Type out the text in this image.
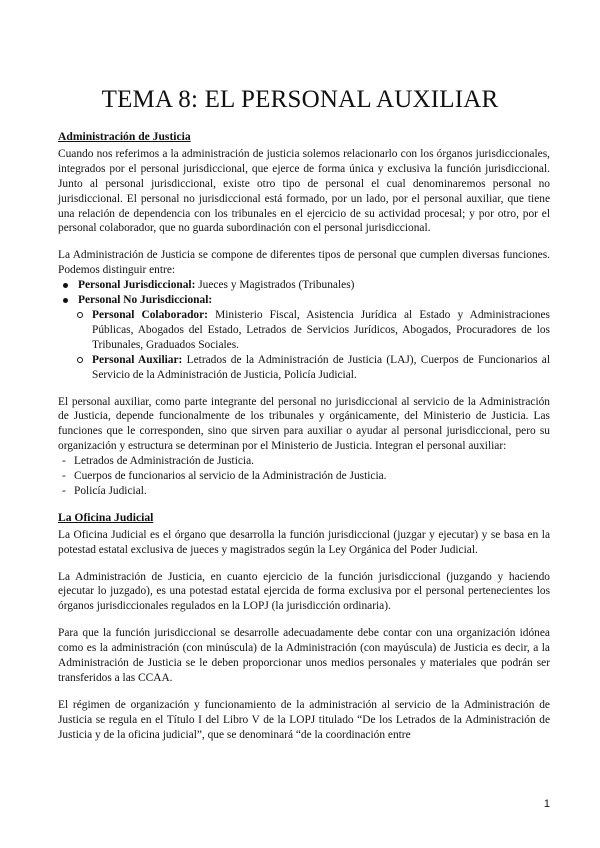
TEMA 8: EL PERSONAL AUXILIAR
Administración de Justicia

Cuando nos referimos a la administración de justicia solemos relacionarlo con los órganos jurisdiccionales, integrados por el personal jurisdiccional, que ejerce de forma única y exclusiva la función jurisdiccional. Junto al personal jurisdiccional, existe otro tipo de personal el cual denominaremos personal no jurisdiccional. El personal no jurisdiccional está formado, por un lado, por el personal auxiliar, que tiene una relación de dependencia con los tribunales en el ejercicio de su actividad procesal; y por otro, por el personal colaborador, que no guarda subordinación con el personal jurisdiccional.

La Administración de Justicia se compone de diferentes tipos de personal que cumplen diversas funciones. Podemos distinguir entre:

Personal Jurisdiccional: Jueces y Magistrados (Tribunales)
Personal No Jurisdiccional:
Personal Colaborador: Ministerio Fiscal, Asistencia Jurídica al Estado y Administraciones Públicas, Abogados del Estado, Letrados de Servicios Jurídicos, Abogados, Procuradores de los Tribunales, Graduados Sociales.
Personal Auxiliar: Letrados de la Administración de Justicia (LAJ), Cuerpos de Funcionarios al Servicio de la Administración de Justicia, Policía Judicial.

El personal auxiliar, como parte integrante del personal no jurisdiccional al servicio de la Administración de Justicia, depende funcionalmente de los tribunales y orgánicamente, del Ministerio de Justicia. Las funciones que le corresponden, sino que sirven para auxiliar o ayudar al personal jurisdiccional, pero su organización y estructura se determinan por el Ministerio de Justicia. Integran el personal auxiliar:

- Letrados de Administración de Justicia.
- Cuerpos de funcionarios al servicio de la Administración de Justicia.
- Policía Judicial.
La Oficina Judicial

La Oficina Judicial es el órgano que desarrolla la función jurisdiccional (juzgar y ejecutar) y se basa en la potestad estatal exclusiva de jueces y magistrados según la Ley Orgánica del Poder Judicial.

La Administración de Justicia, en cuanto ejercicio de la función jurisdiccional (juzgando y haciendo ejecutar lo juzgado), es una potestad estatal ejercida de forma exclusiva por el personal pertenecientes los órganos jurisdiccionales regulados en la LOPJ (la jurisdicción ordinaria).

Para que la función jurisdiccional se desarrolle adecuadamente debe contar con una organización idónea como es la administración (con minúscula) de la Administración (con mayúscula) de Justicia es decir, a la Administración de Justicia se le deben proporcionar unos medios personales y materiales que podrán ser transferidos a las CCAA.

El régimen de organización y funcionamiento de la administración al servicio de la Administración de Justicia se regula en el Título I del Libro V de la LOPJ titulado “De los Letrados de la Administración de Justicia y de la oficina judicial”, que se denominará “de la coordinación entre

1
